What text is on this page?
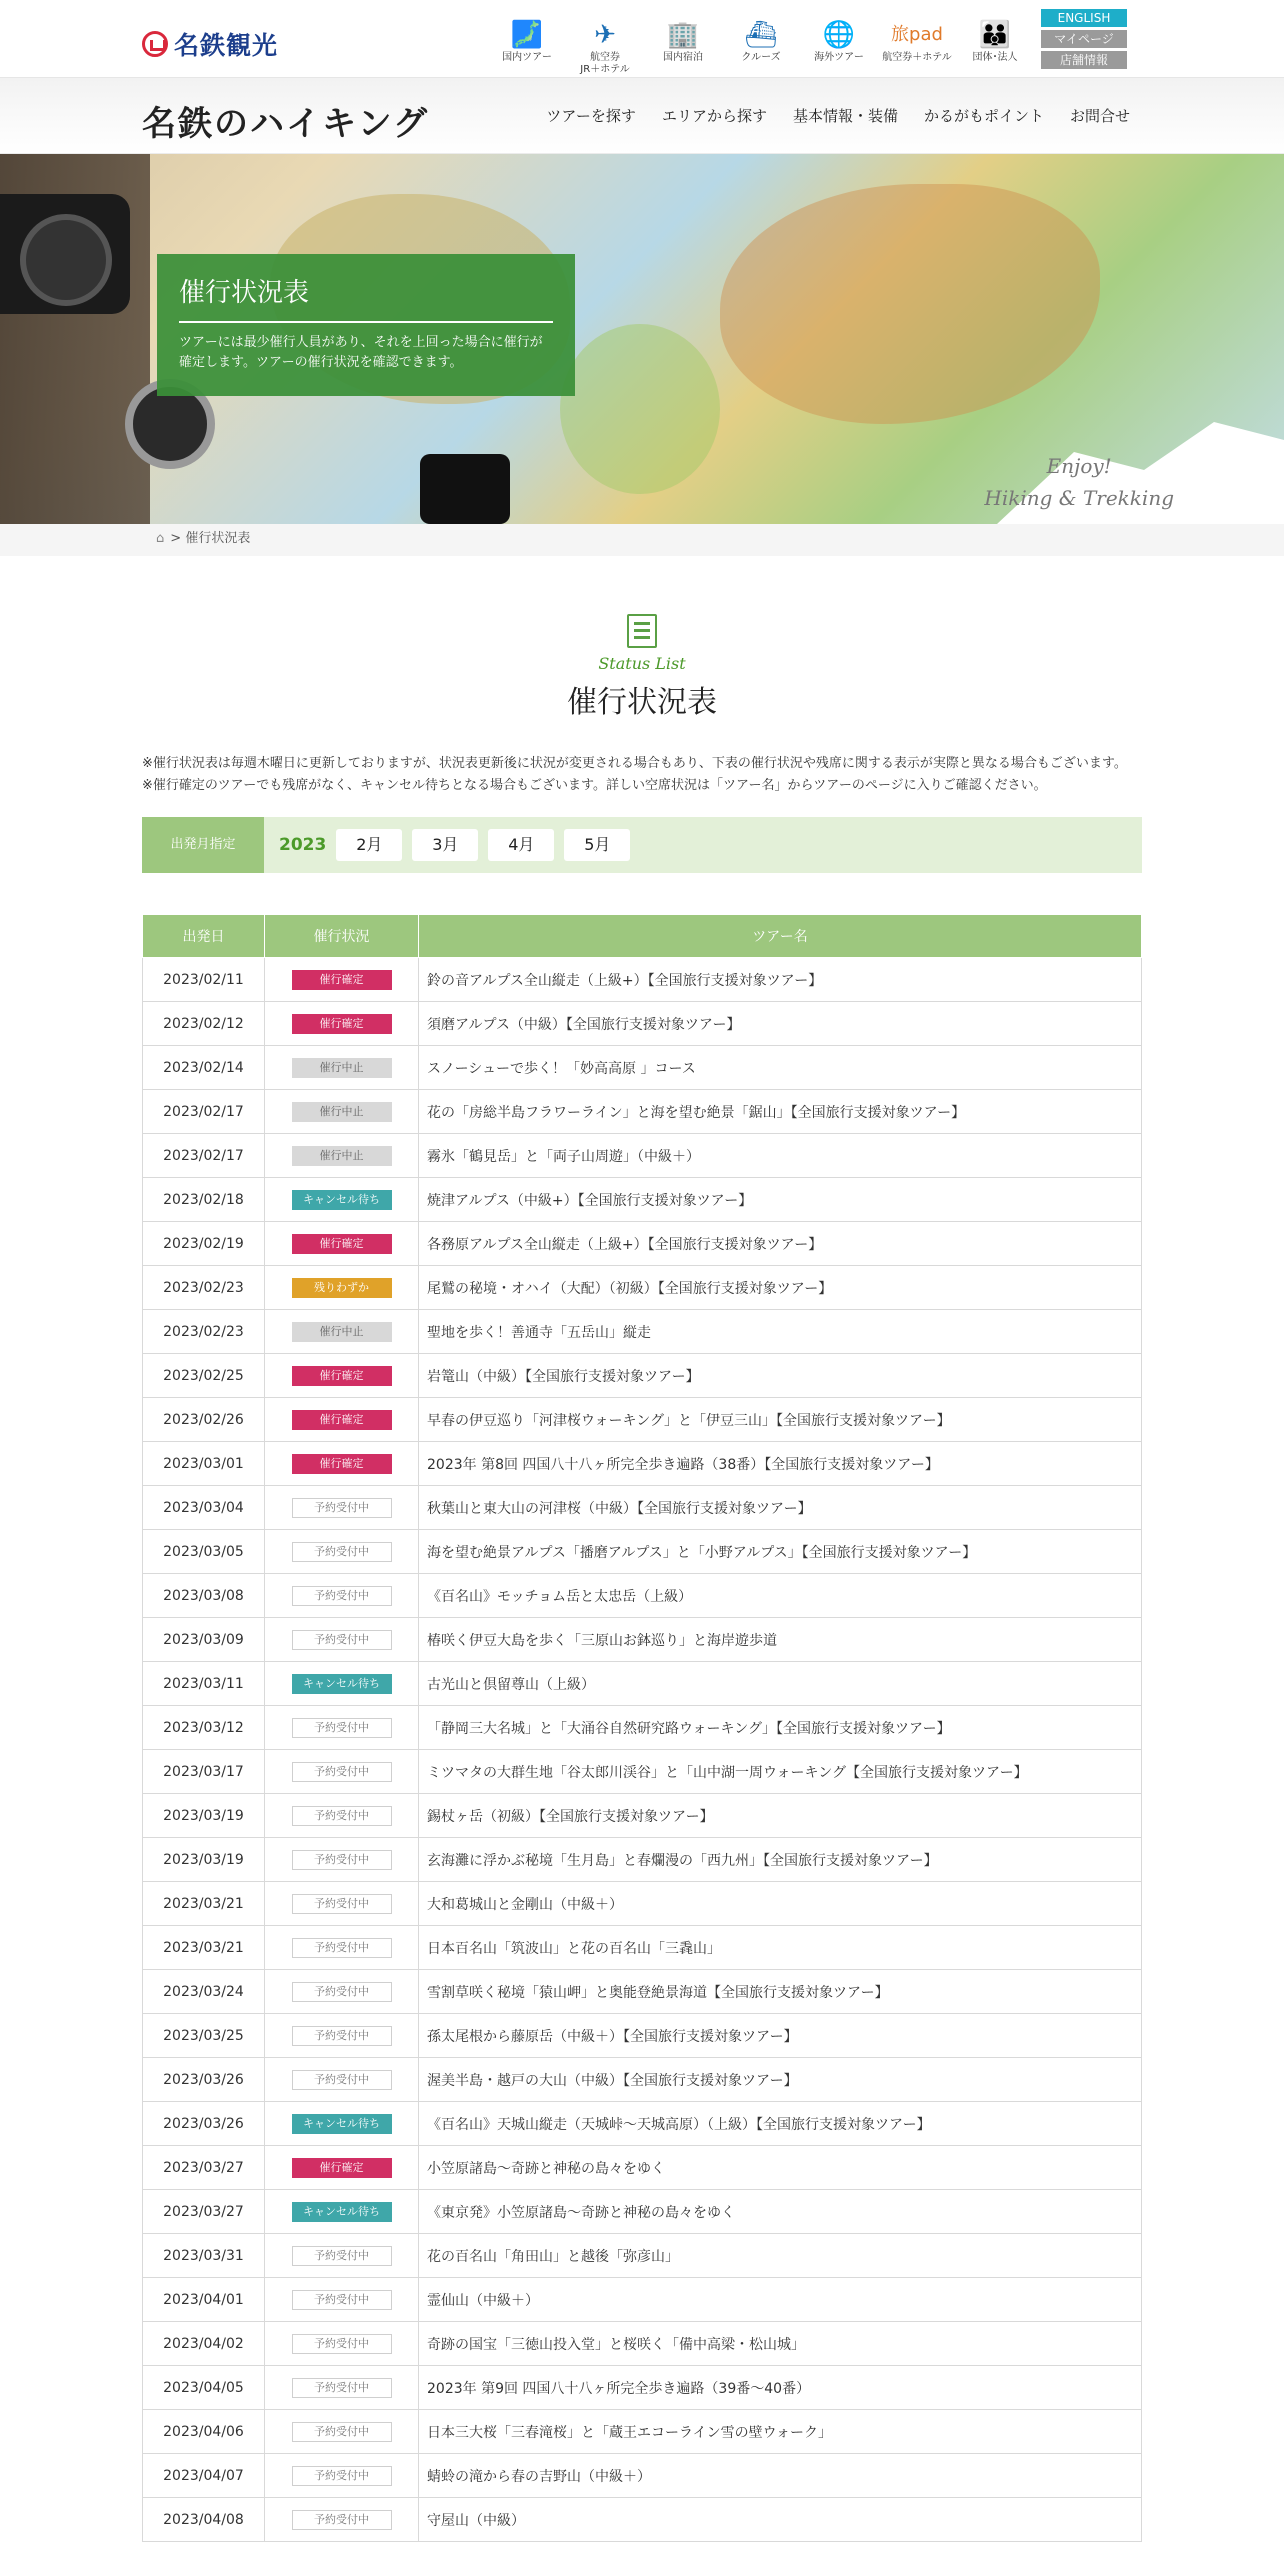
名鉄観光	🗾
国内ツアー
✈
航空券
JR＋ホテル
🏢
国内宿泊
⛴
クルーズ
🌐
海外ツアー
旅pad
航空券＋ホテル
👪
団体･法人
ENGLISH
マイページ
店舗情報
名鉄のハイキング	ツアーを探す エリアから探す 基本情報・装備 かるがもポイント お問合せ
Enjoy!
Hiking & Trekking
催行状況表

ツアーには最少催行人員があり、それを上回った場合に催行が確定します。ツアーの催行状況を確認できます。

⌂ > 催行状況表
Status List
催行状況表

※催行状況表は毎週木曜日に更新しておりますが、状況表更新後に状況が変更される場合もあり、下表の催行状況や残席に関する表示が実際と異なる場合もございます。

※催行確定のツアーでも残席がなく、キャンセル待ちとなる場合もございます。詳しい空席状況は「ツアー名」からツアーのページに入りご確認ください。

出発月指定	2023	2月	3月	4月	5月
出発日	催行状況	ツアー名
2023/02/11	催行確定	鈴の音アルプス全山縦走（上級+）【全国旅行支援対象ツアー】
2023/02/12	催行確定	須磨アルプス（中級）【全国旅行支援対象ツアー】
2023/02/14	催行中止	スノーシューで歩く！「妙高高原 」コース
2023/02/17	催行中止	花の「房総半島フラワーライン」と海を望む絶景「鋸山」【全国旅行支援対象ツアー】
2023/02/17	催行中止	霧氷「鶴見岳」と「両子山周遊」（中級＋）
2023/02/18	キャンセル待ち	焼津アルプス（中級+）【全国旅行支援対象ツアー】
2023/02/19	催行確定	各務原アルプス全山縦走（上級+）【全国旅行支援対象ツアー】
2023/02/23	残りわずか	尾鷲の秘境・オハイ（大配）（初級）【全国旅行支援対象ツアー】
2023/02/23	催行中止	聖地を歩く！善通寺「五岳山」縦走
2023/02/25	催行確定	岩篭山（中級）【全国旅行支援対象ツアー】
2023/02/26	催行確定	早春の伊豆巡り「河津桜ウォーキング」と「伊豆三山」【全国旅行支援対象ツアー】
2023/03/01	催行確定	2023年 第8回 四国八十八ヶ所完全歩き遍路（38番）【全国旅行支援対象ツアー】
2023/03/04	予約受付中	秋葉山と東大山の河津桜（中級）【全国旅行支援対象ツアー】
2023/03/05	予約受付中	海を望む絶景アルプス「播磨アルプス」と「小野アルプス」【全国旅行支援対象ツアー】
2023/03/08	予約受付中	《百名山》モッチョム岳と太忠岳（上級）
2023/03/09	予約受付中	椿咲く伊豆大島を歩く「三原山お鉢巡り」と海岸遊歩道
2023/03/11	キャンセル待ち	古光山と倶留尊山（上級）
2023/03/12	予約受付中	「静岡三大名城」と「大涌谷自然研究路ウォーキング」【全国旅行支援対象ツアー】
2023/03/17	予約受付中	ミツマタの大群生地「谷太郎川渓谷」と「山中湖一周ウォーキング【全国旅行支援対象ツアー】
2023/03/19	予約受付中	錫杖ヶ岳（初級）【全国旅行支援対象ツアー】
2023/03/19	予約受付中	玄海灘に浮かぶ秘境「生月島」と春爛漫の「西九州」【全国旅行支援対象ツアー】
2023/03/21	予約受付中	大和葛城山と金剛山（中級＋）
2023/03/21	予約受付中	日本百名山「筑波山」と花の百名山「三毳山」
2023/03/24	予約受付中	雪割草咲く秘境「猿山岬」と奥能登絶景海道【全国旅行支援対象ツアー】
2023/03/25	予約受付中	孫太尾根から藤原岳（中級＋）【全国旅行支援対象ツアー】
2023/03/26	予約受付中	渥美半島・越戸の大山（中級）【全国旅行支援対象ツアー】
2023/03/26	キャンセル待ち	《百名山》天城山縦走（天城峠～天城高原）（上級）【全国旅行支援対象ツアー】
2023/03/27	催行確定	小笠原諸島～奇跡と神秘の島々をゆく
2023/03/27	キャンセル待ち	《東京発》小笠原諸島～奇跡と神秘の島々をゆく
2023/03/31	予約受付中	花の百名山「角田山」と越後「弥彦山」
2023/04/01	予約受付中	霊仙山（中級＋）
2023/04/02	予約受付中	奇跡の国宝「三徳山投入堂」と桜咲く「備中高梁・松山城」
2023/04/05	予約受付中	2023年 第9回 四国八十八ヶ所完全歩き遍路（39番～40番）
2023/04/06	予約受付中	日本三大桜「三春滝桜」と「蔵王エコーライン雪の壁ウォーク」
2023/04/07	予約受付中	蜻蛉の滝から春の吉野山（中級＋）
2023/04/08	予約受付中	守屋山（中級）
